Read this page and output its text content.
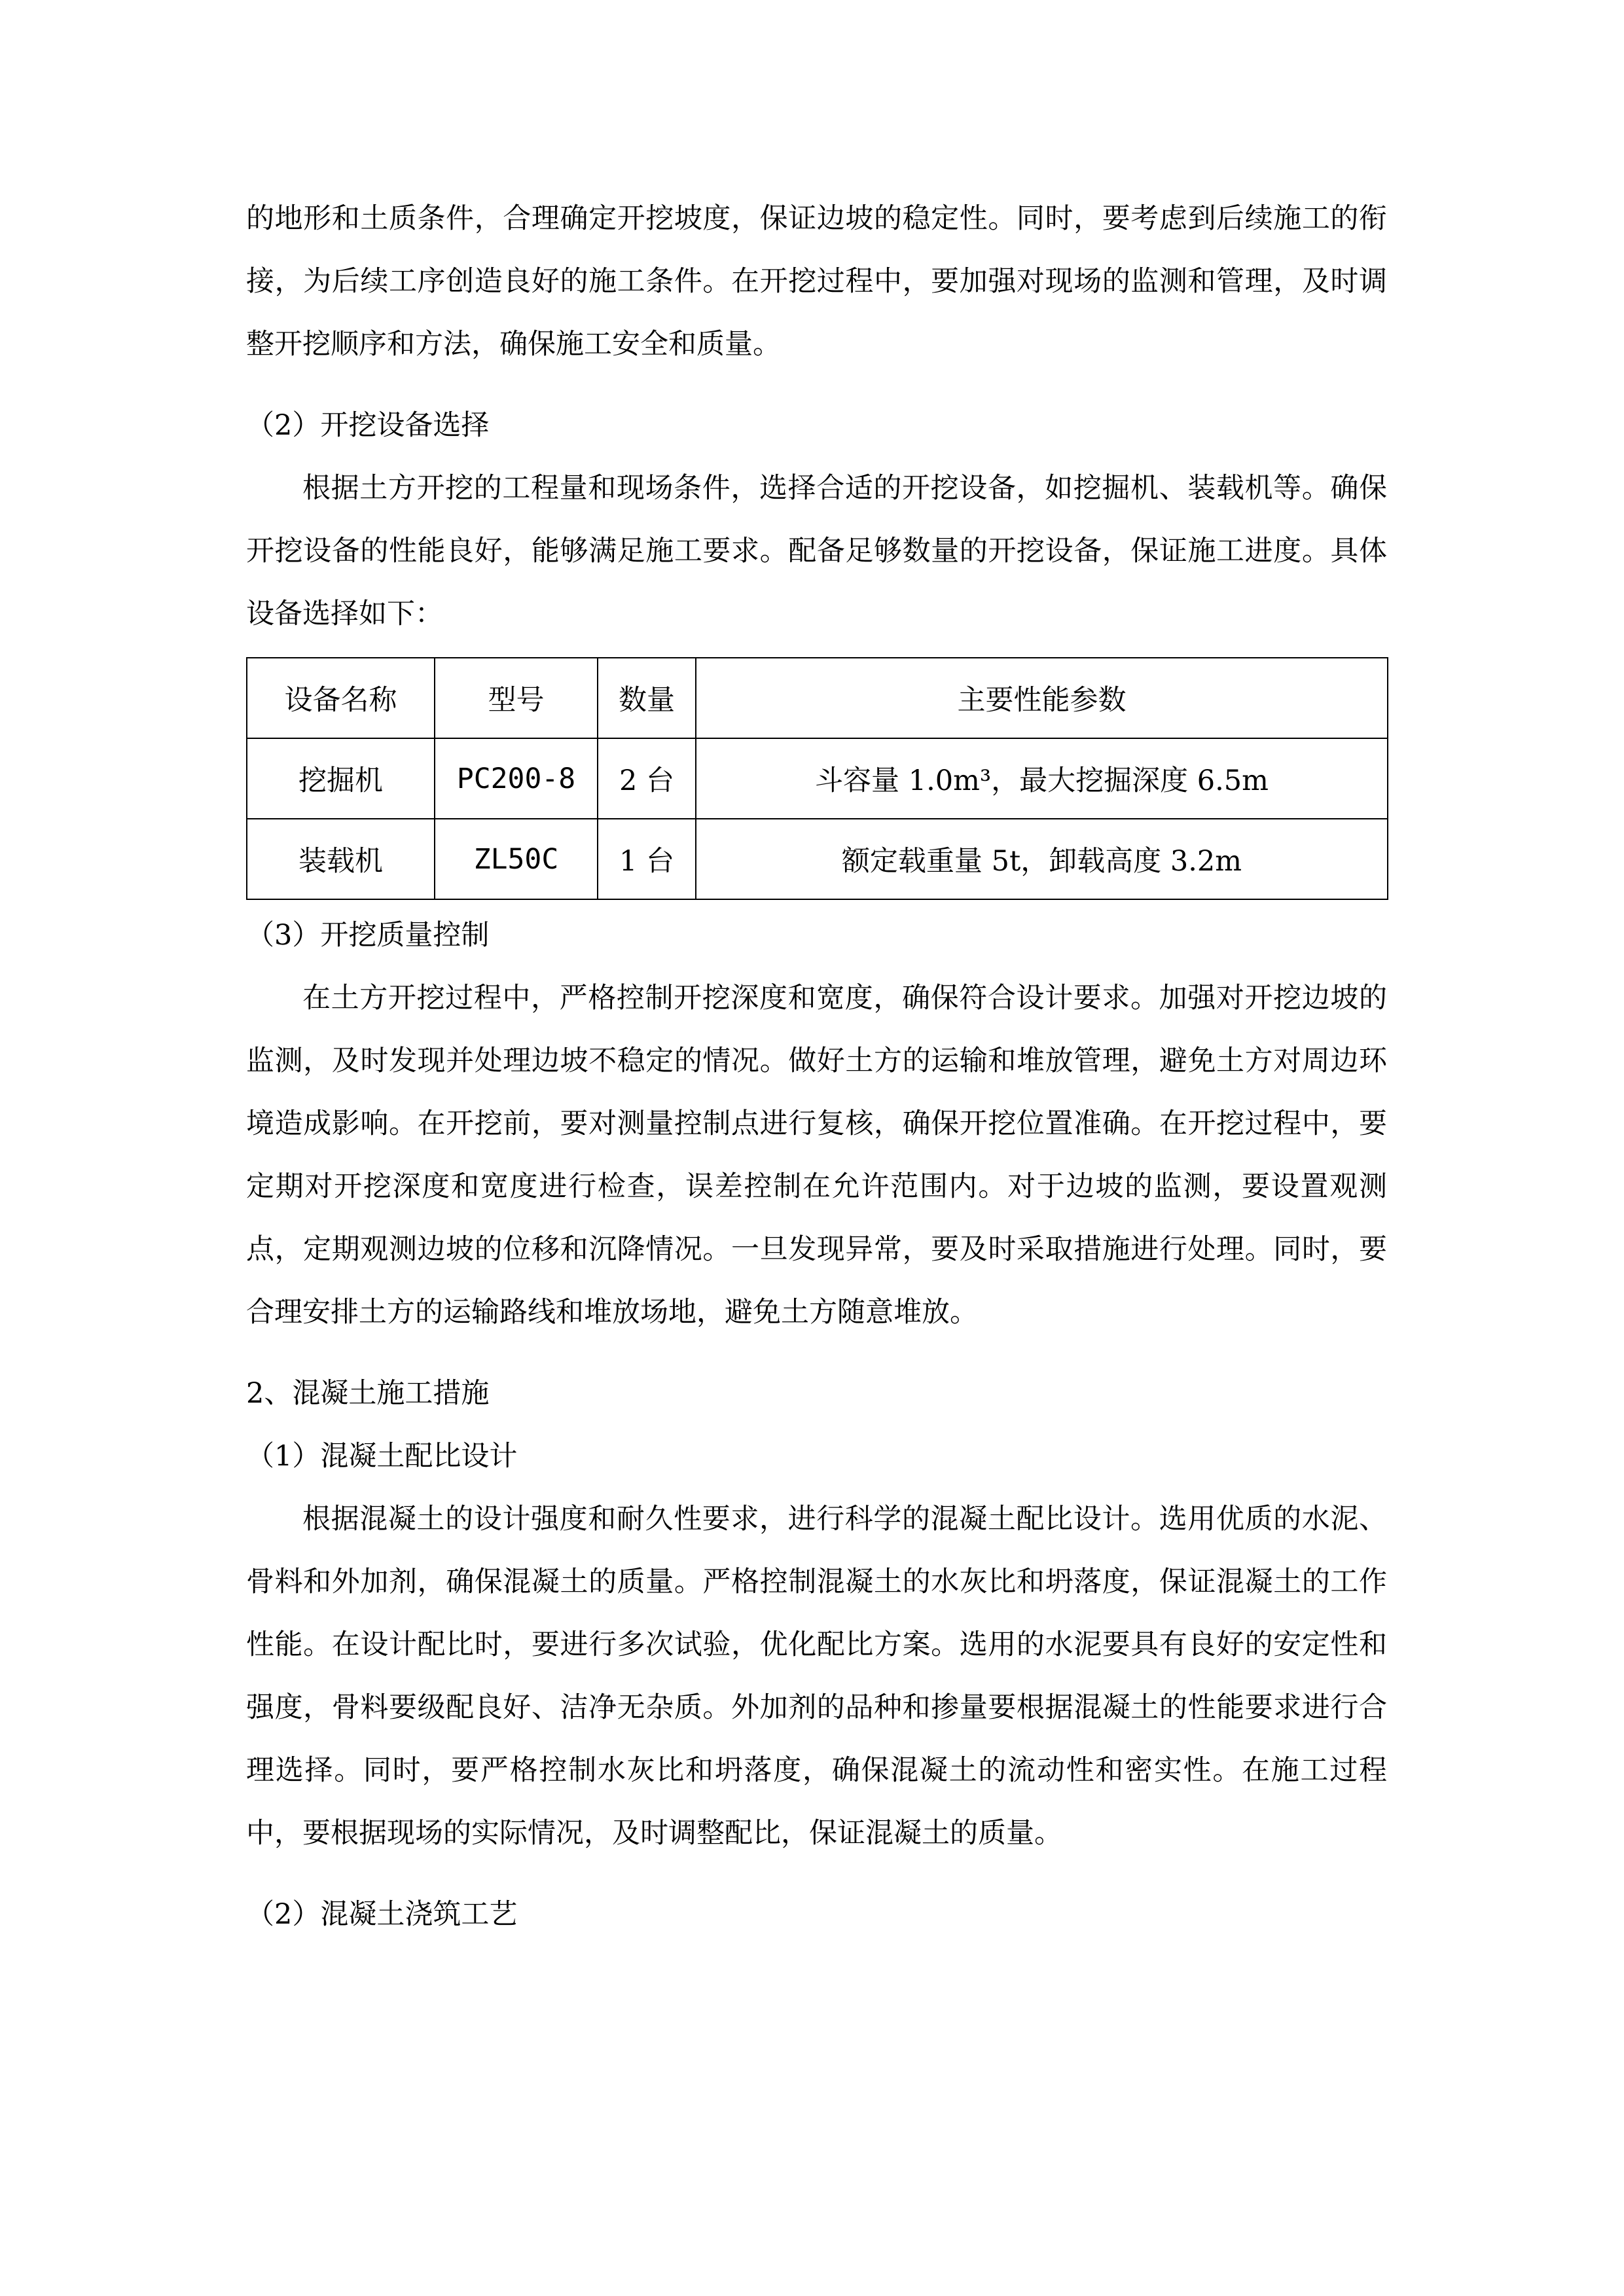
的地形和土质条件，合理确定开挖坡度，保证边坡的稳定性。同时，要考虑到后续施工的衔接，为后续工序创造良好的施工条件。在开挖过程中，要加强对现场的监测和管理，及时调整开挖顺序和方法，确保施工安全和质量。

（2）开挖设备选择

根据土方开挖的工程量和现场条件，选择合适的开挖设备，如挖掘机、装载机等。确保开挖设备的性能良好，能够满足施工要求。配备足够数量的开挖设备，保证施工进度。具体设备选择如下：

设备名称	型号	数量	主要性能参数
挖掘机	PC200-8	2 台	斗容量 1.0m³，最大挖掘深度 6.5m
装载机	ZL50C	1 台	额定载重量 5t，卸载高度 3.2m

（3）开挖质量控制

在土方开挖过程中，严格控制开挖深度和宽度，确保符合设计要求。加强对开挖边坡的监测，及时发现并处理边坡不稳定的情况。做好土方的运输和堆放管理，避免土方对周边环境造成影响。在开挖前，要对测量控制点进行复核，确保开挖位置准确。在开挖过程中，要定期对开挖深度和宽度进行检查，误差控制在允许范围内。对于边坡的监测，要设置观测点，定期观测边坡的位移和沉降情况。一旦发现异常，要及时采取措施进行处理。同时，要合理安排土方的运输路线和堆放场地，避免土方随意堆放。

2、混凝土施工措施

（1）混凝土配比设计

根据混凝土的设计强度和耐久性要求，进行科学的混凝土配比设计。选用优质的水泥、骨料和外加剂，确保混凝土的质量。严格控制混凝土的水灰比和坍落度，保证混凝土的工作性能。在设计配比时，要进行多次试验，优化配比方案。选用的水泥要具有良好的安定性和强度，骨料要级配良好、洁净无杂质。外加剂的品种和掺量要根据混凝土的性能要求进行合理选择。同时，要严格控制水灰比和坍落度，确保混凝土的流动性和密实性。在施工过程中，要根据现场的实际情况，及时调整配比，保证混凝土的质量。

（2）混凝土浇筑工艺
